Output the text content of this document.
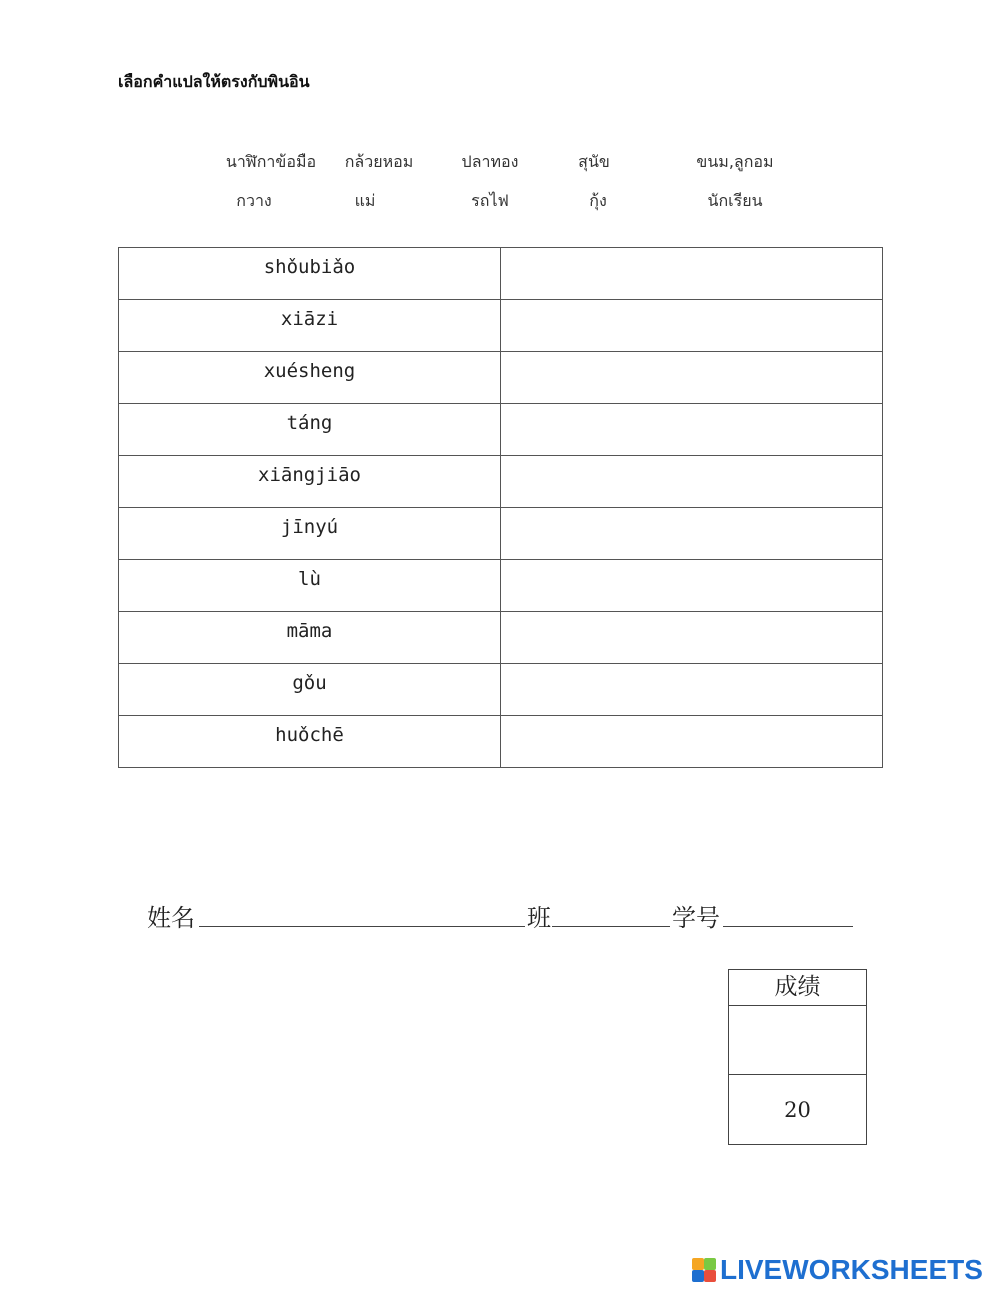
เลือกคำแปลให้ตรงกับพินอิน
นาฬิกาข้อมือ กล้วยหอม	ปลาทอง	สุนัข	ขนม,ลูกอม
กวาง	แม่	รถไฟ	กุ้ง	นักเรียน
shǒubiǎo	

xiāzi	

xuésheng	

táng	

xiāngjiāo	

jīnyú	

lù	

māma	

gǒu	

huǒchē	
姓名	班	学号
成绩
20
LIVEWORKSHEETS
